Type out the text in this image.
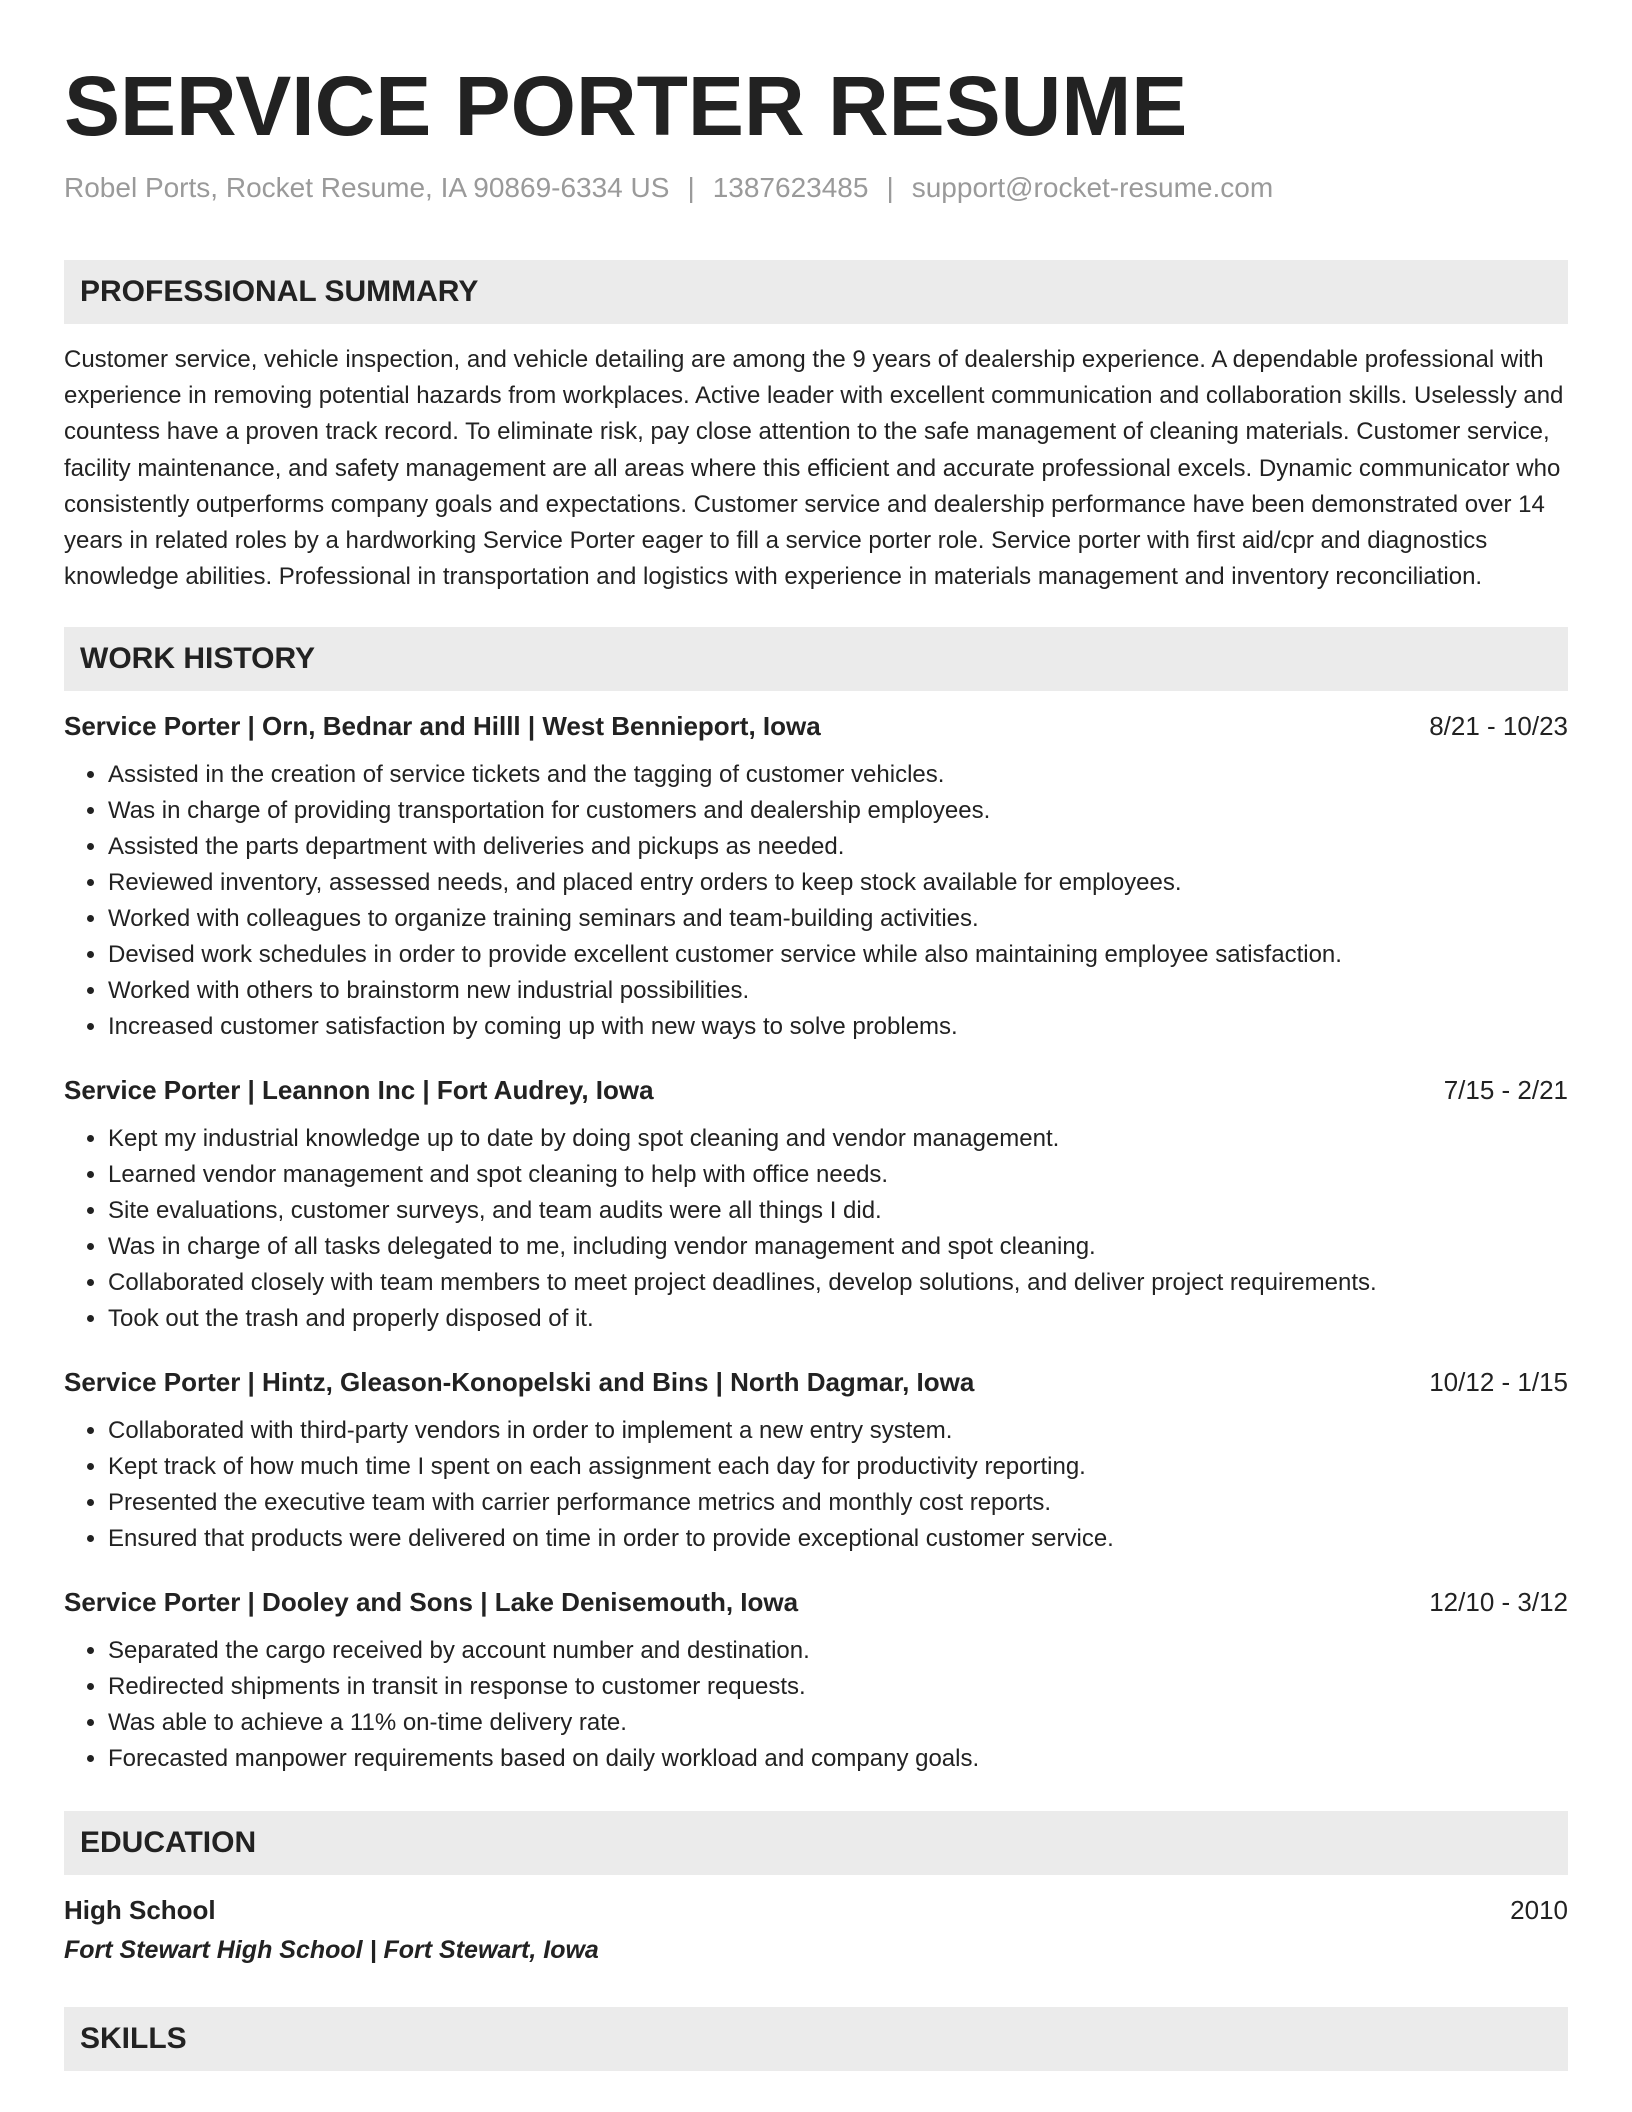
SERVICE PORTER RESUME
Robel Ports, Rocket Resume, IA 90869-6334 US | 1387623485 | support@rocket-resume.com
PROFESSIONAL SUMMARY
Customer service, vehicle inspection, and vehicle detailing are among the 9 years of dealership experience. A dependable professional with experience in removing potential hazards from workplaces. Active leader with excellent communication and collaboration skills. Uselessly and countess have a proven track record. To eliminate risk, pay close attention to the safe management of cleaning materials. Customer service, facility maintenance, and safety management are all areas where this efficient and accurate professional excels. Dynamic communicator who consistently outperforms company goals and expectations. Customer service and dealership performance have been demonstrated over 14 years in related roles by a hardworking Service Porter eager to fill a service porter role. Service porter with first aid/cpr and diagnostics knowledge abilities. Professional in transportation and logistics with experience in materials management and inventory reconciliation.
WORK HISTORY
Service Porter | Orn, Bednar and Hilll | West Bennieport, Iowa	8/21 - 10/23
• Assisted in the creation of service tickets and the tagging of customer vehicles.
• Was in charge of providing transportation for customers and dealership employees.
• Assisted the parts department with deliveries and pickups as needed.
• Reviewed inventory, assessed needs, and placed entry orders to keep stock available for employees.
• Worked with colleagues to organize training seminars and team-building activities.
• Devised work schedules in order to provide excellent customer service while also maintaining employee satisfaction.
• Worked with others to brainstorm new industrial possibilities.
• Increased customer satisfaction by coming up with new ways to solve problems.
Service Porter | Leannon Inc | Fort Audrey, Iowa	7/15 - 2/21
• Kept my industrial knowledge up to date by doing spot cleaning and vendor management.
• Learned vendor management and spot cleaning to help with office needs.
• Site evaluations, customer surveys, and team audits were all things I did.
• Was in charge of all tasks delegated to me, including vendor management and spot cleaning.
• Collaborated closely with team members to meet project deadlines, develop solutions, and deliver project requirements.
• Took out the trash and properly disposed of it.
Service Porter | Hintz, Gleason-Konopelski and Bins | North Dagmar, Iowa	10/12 - 1/15
• Collaborated with third-party vendors in order to implement a new entry system.
• Kept track of how much time I spent on each assignment each day for productivity reporting.
• Presented the executive team with carrier performance metrics and monthly cost reports.
• Ensured that products were delivered on time in order to provide exceptional customer service.
Service Porter | Dooley and Sons | Lake Denisemouth, Iowa	12/10 - 3/12
• Separated the cargo received by account number and destination.
• Redirected shipments in transit in response to customer requests.
• Was able to achieve a 11% on-time delivery rate.
• Forecasted manpower requirements based on daily workload and company goals.
EDUCATION
High School	2010
Fort Stewart High School | Fort Stewart, Iowa
SKILLS
